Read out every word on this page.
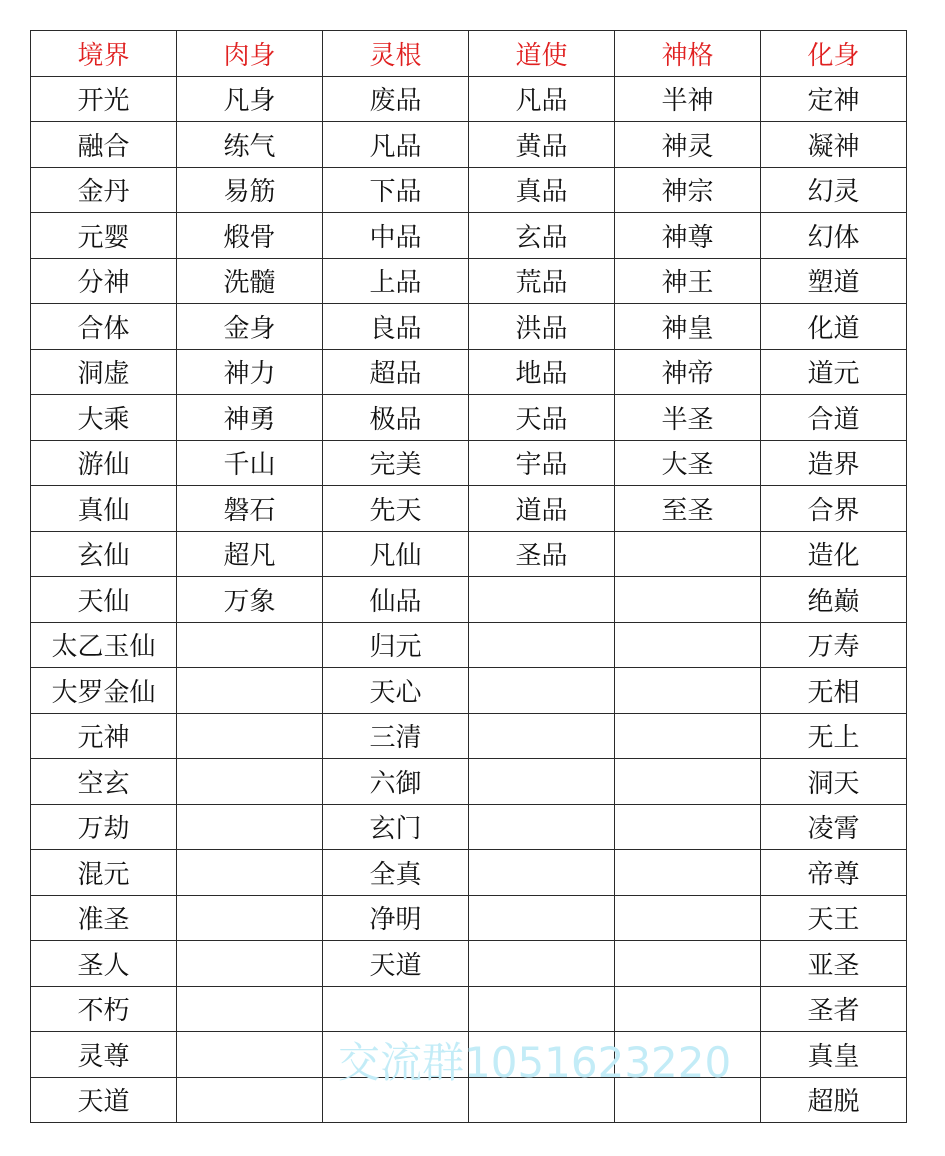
境界	肉身	灵根	道使	神格	化身
开光	凡身	废品	凡品	半神	定神
融合	练气	凡品	黄品	神灵	凝神
金丹	易筋	下品	真品	神宗	幻灵
元婴	煅骨	中品	玄品	神尊	幻体
分神	洗髓	上品	荒品	神王	塑道
合体	金身	良品	洪品	神皇	化道
洞虚	神力	超品	地品	神帝	道元
大乘	神勇	极品	天品	半圣	合道
游仙	千山	完美	宇品	大圣	造界
真仙	磐石	先天	道品	至圣	合界
玄仙	超凡	凡仙	圣品		造化
天仙	万象	仙品			绝巅
太乙玉仙		归元			万寿
大罗金仙		天心			无相
元神		三清			无上
空玄		六御			洞天
万劫		玄门			凌霄
混元		全真			帝尊
准圣		净明			天王
圣人		天道			亚圣
不朽					圣者
灵尊					真皇
天道					超脱
交流群1051623220
